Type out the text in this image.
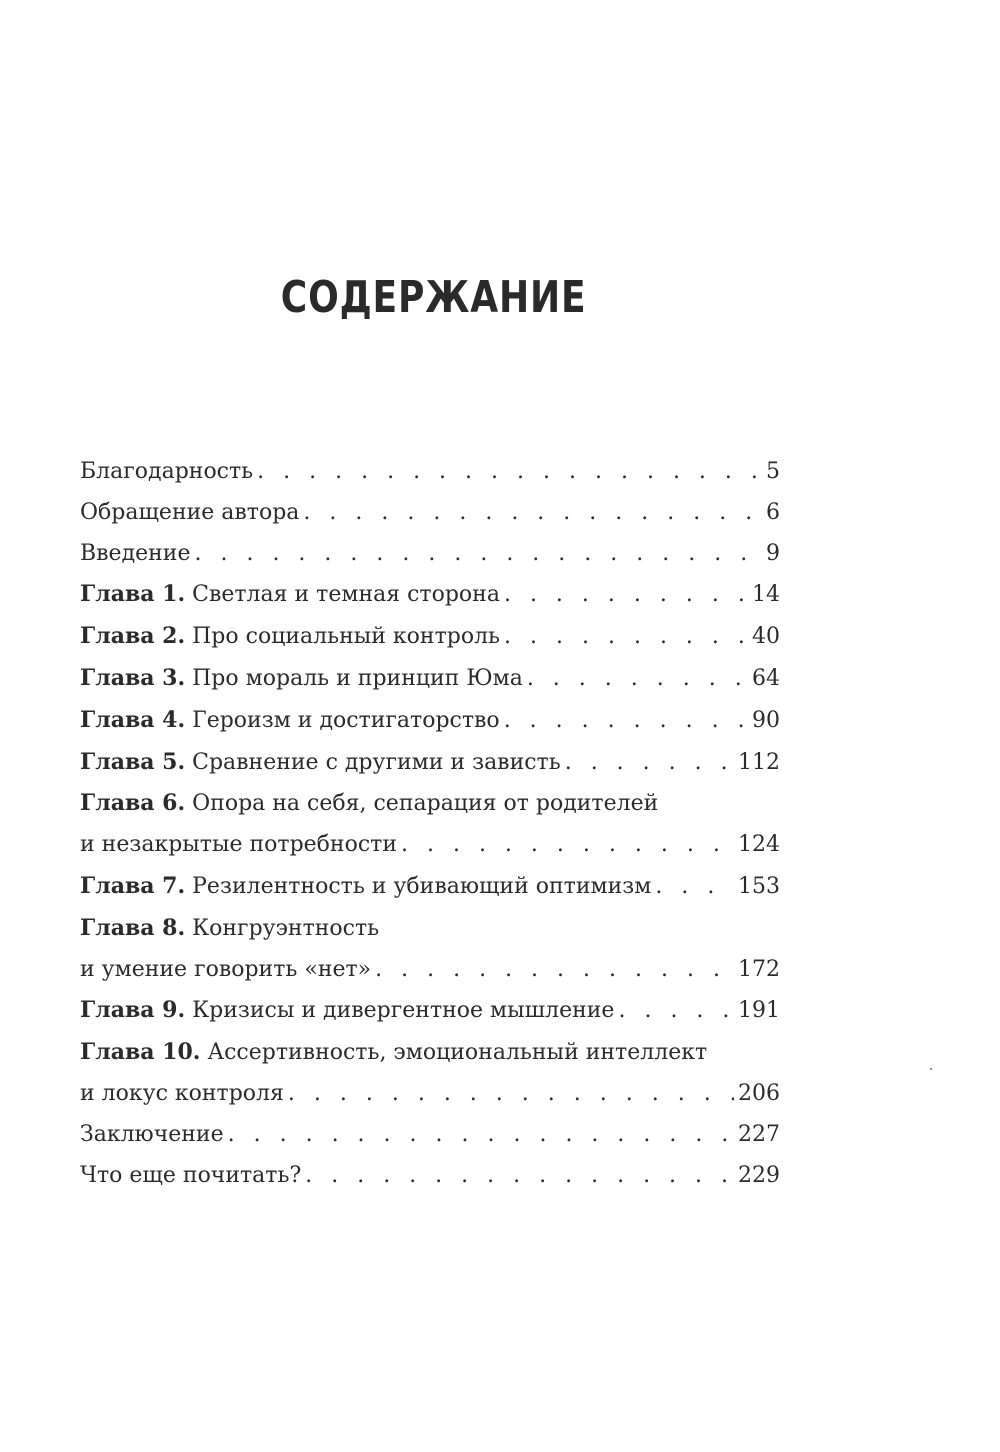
СОДЕРЖАНИЕ
Благодарность . . .	5
Обращение автора . . .	6
Введение . . .	9
Глава 1. Светлая и темная сторона . . .	14
Глава 2. Про социальный контроль . . .	40
Глава 3. Про мораль и принцип Юма . . .	64
Глава 4. Героизм и достигаторство . . .	90
Глава 5. Сравнение с другими и зависть . . .	112
Глава 6. Опора на себя, сепарация от родителей
и незакрытые потребности . . .	124
Глава 7. Резилентность и убивающий оптимизм . . .	153
Глава 8. Конгруэнтность
и умение говорить «нет» . . .	172
Глава 9. Кризисы и дивергентное мышление . . .	191
Глава 10. Ассертивность, эмоциональный интеллект
и локус контроля . . .	206
Заключение . . .	227
Что еще почитать? . . .	229
